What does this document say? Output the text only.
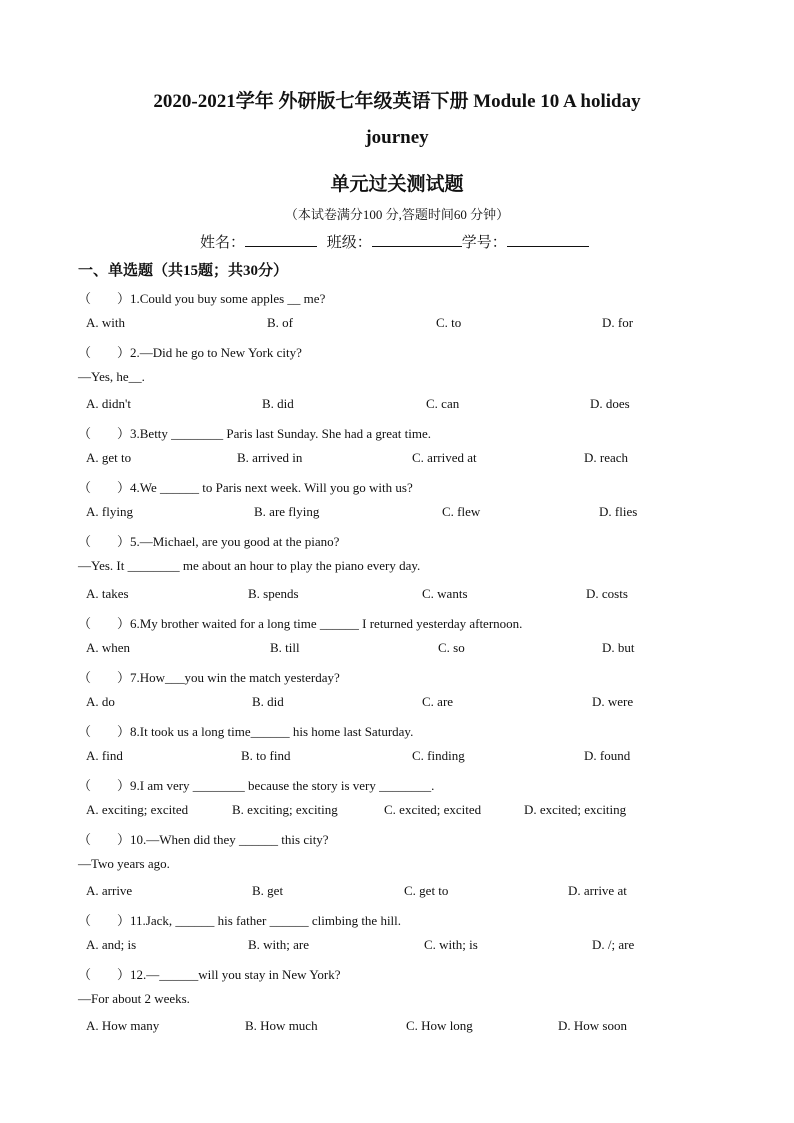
2020-2021学年 外研版七年级英语下册 Module 10 A holiday
journey
单元过关测试题
（本试卷满分100 分,答题时间60 分钟）
姓名：	班级：	学号：
一、单选题（共15题；共30分）
（　　）1.Could you buy some apples __ me?
A. with	B. of	C. to	D. for
（　　）2.—Did he go to New York city?
—Yes, he__.
A. didn't	B. did	C. can	D. does
（　　）3.Betty ________ Paris last Sunday. She had a great time.
A. get to	B. arrived in	C. arrived at	D. reach
（　　）4.We ______ to Paris next week. Will you go with us?
A. flying	B. are flying	C. flew	D. flies
（　　）5.—Michael, are you good at the piano?
—Yes. It ________ me about an hour to play the piano every day.
A. takes	B. spends	C. wants	D. costs
（　　）6.My brother waited for a long time ______ I returned yesterday afternoon.
A. when	B. till	C. so	D. but
（　　）7.How___you win the match yesterday?
A. do	B. did	C. are	D. were
（　　）8.It took us a long time______ his home last Saturday.
A. find	B. to find	C. finding	D. found
（　　）9.I am very ________ because the story is very ________.
A. exciting; excited	B. exciting; exciting	C. excited; excited	D. excited; exciting
（　　）10.—When did they ______ this city?
—Two years ago.
A. arrive	B. get	C. get to	D. arrive at
（　　）11.Jack, ______ his father ______ climbing the hill.
A. and; is	B. with; are	C. with; is	D. /; are
（　　）12.—______will you stay in New York?
—For about 2 weeks.
A. How many	B. How much	C. How long	D. How soon
